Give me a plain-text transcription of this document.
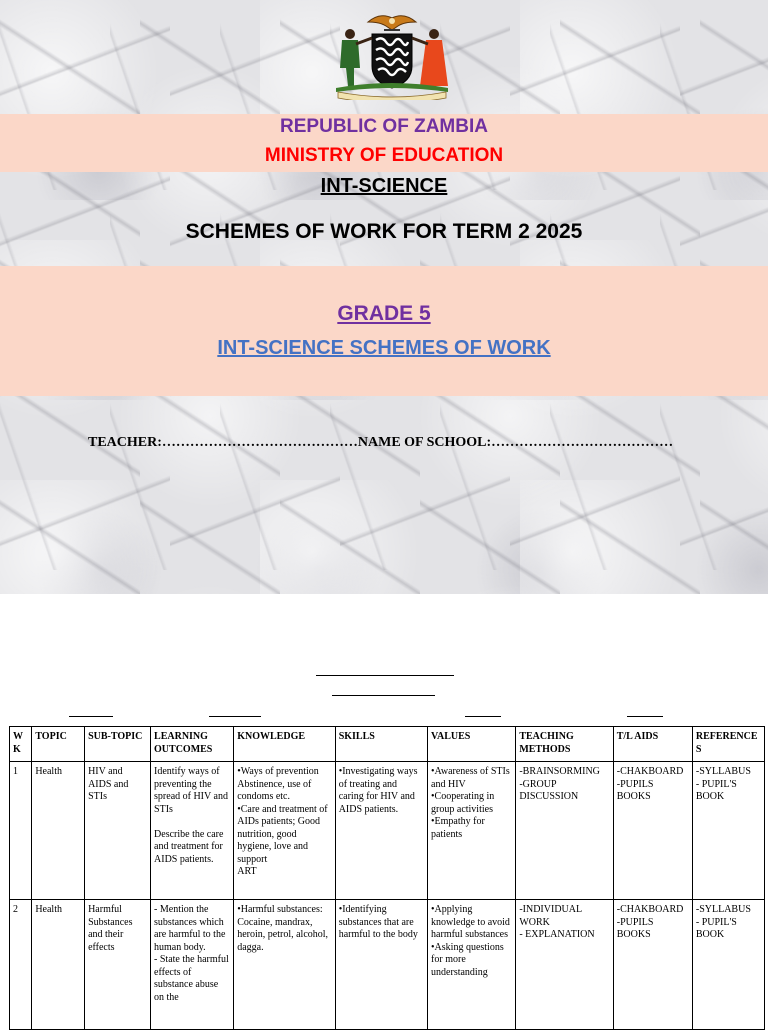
REPUBLIC OF ZAMBIA
MINISTRY OF EDUCATION
INT-SCIENCE
SCHEMES OF WORK FOR TERM 2 2025
GRADE 5
INT-SCIENCE SCHEMES OF WORK
TEACHER:……………………………………NAME OF SCHOOL:…………………………………
W K	TOPIC	SUB-TOPIC	LEARNING OUTCOMES	KNOWLEDGE	SKILLS	VALUES	TEACHING METHODS	T/L AIDS	REFERENCES
1	Health	HIV and AIDS and STIs	Identify ways of preventing the spread of HIV and STIs

Describe the care and treatment for AIDS patients.	•Ways of prevention Abstinence, use of condoms etc.
•Care and treatment of AIDs patients; Good nutrition, good hygiene, love and support
ART	•Investigating ways of treating and caring for HIV and AIDS patients.	•Awareness of STIs and HIV
•Cooperating in group activities
•Empathy for patients	-BRAINSORMING
-GROUP DISCUSSION	-CHAKBOARD
-PUPILS BOOKS	-SYLLABUS
- PUPIL'S BOOK
2	Health	Harmful Substances and their effects	- Mention the substances which are harmful to the human body.
- State the harmful effects of substance abuse on the	•Harmful substances: Cocaine, mandrax, heroin, petrol, alcohol, dagga.	•Identifying substances that are harmful to the body	•Applying knowledge to avoid harmful substances
•Asking questions for more understanding	-INDIVIDUAL WORK
- EXPLANATION	-CHAKBOARD
-PUPILS BOOKS	-SYLLABUS
- PUPIL'S BOOK
